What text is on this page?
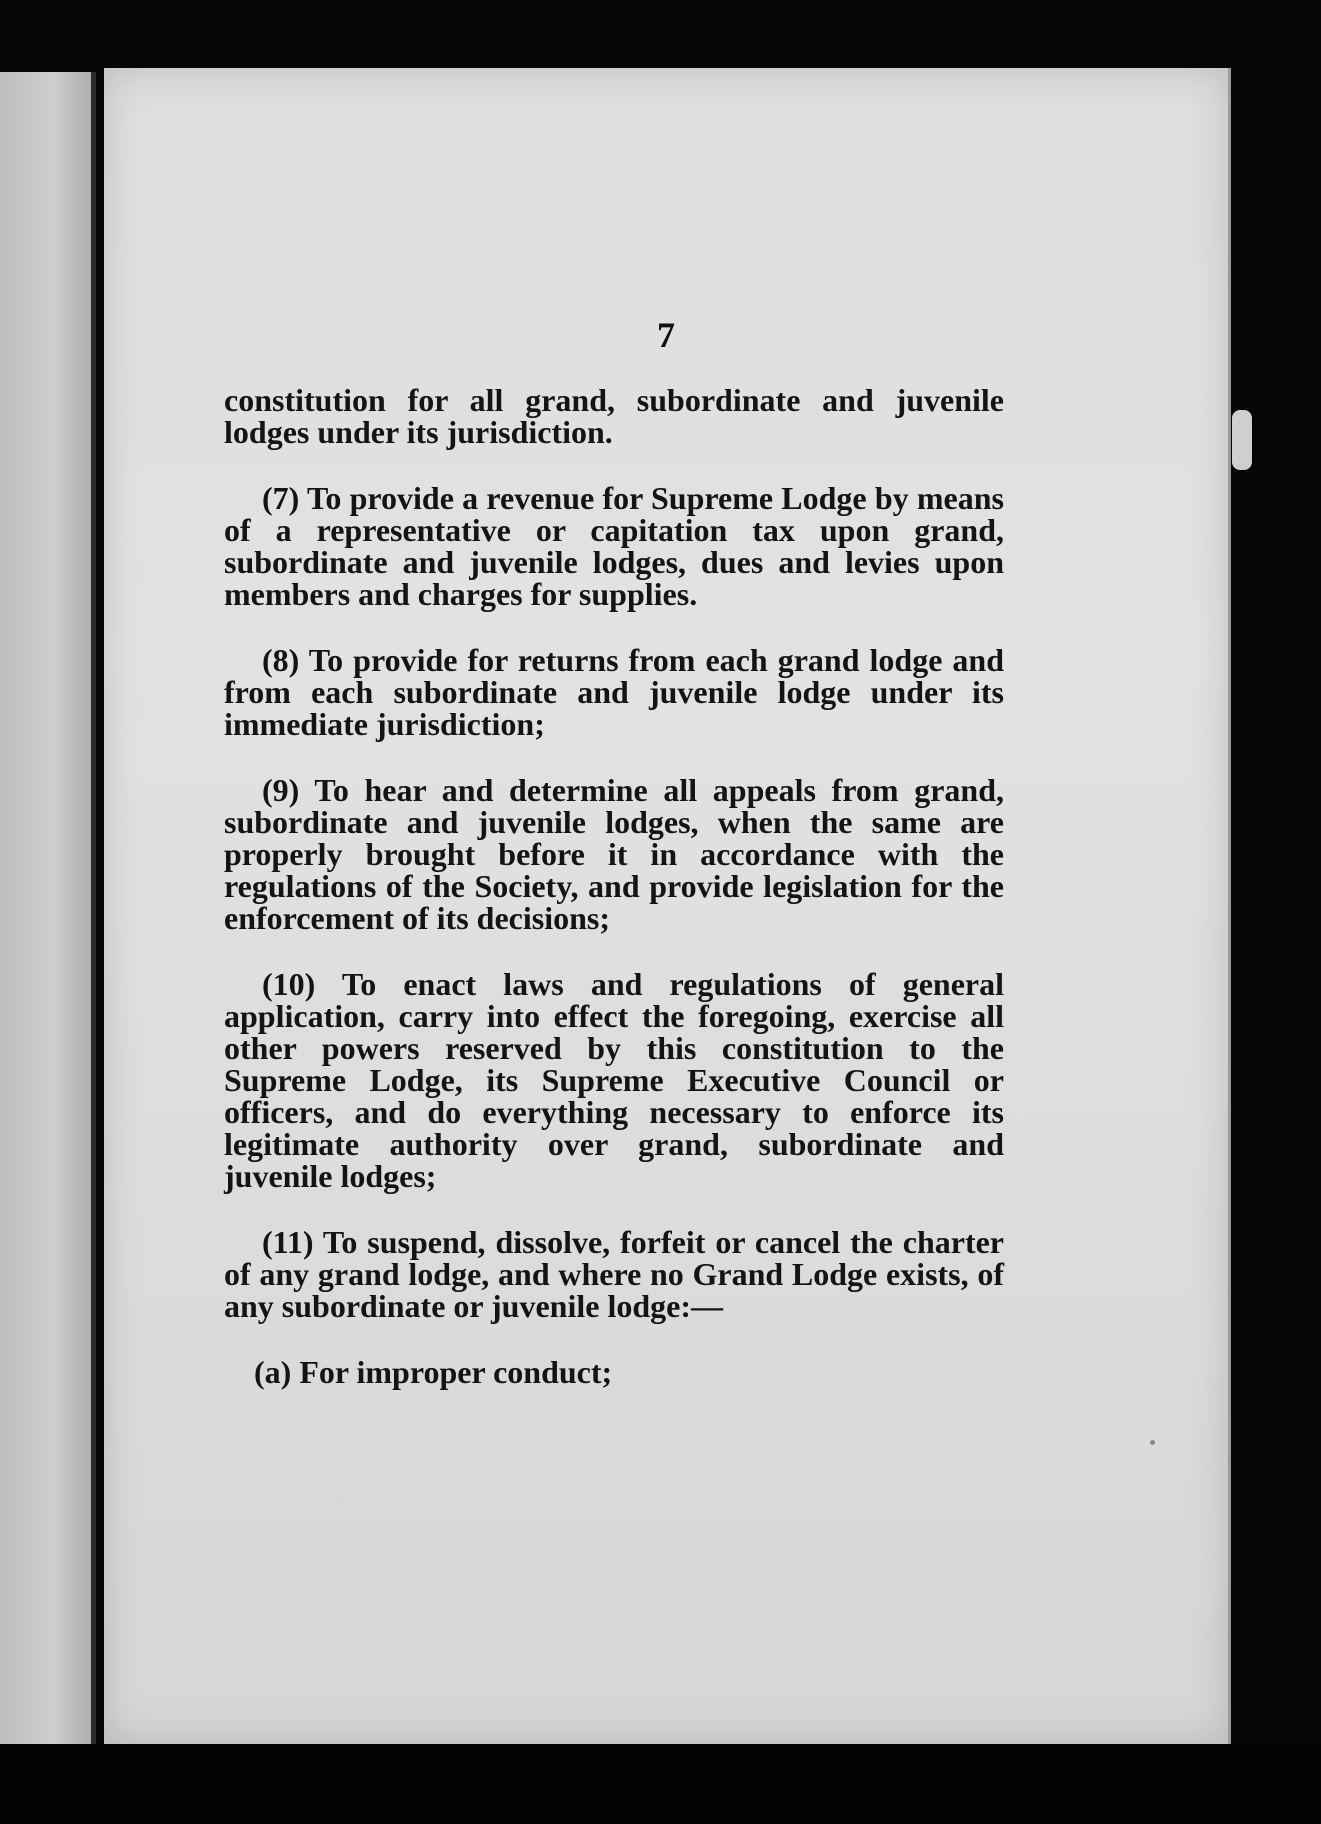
7

constitution for all grand, subordinate and juvenile lodges under its jurisdiction.

(7) To provide a revenue for Supreme Lodge by means of a representative or capitation tax upon grand, subordinate and juvenile lodges, dues and levies upon members and charges for supplies.

(8) To provide for returns from each grand lodge and from each subordinate and juvenile lodge under its immediate jurisdiction;

(9) To hear and determine all appeals from grand, subordinate and juvenile lodges, when the same are properly brought before it in accordance with the regulations of the Society, and provide legislation for the enforcement of its decisions;

(10) To enact laws and regulations of general application, carry into effect the foregoing, exercise all other powers reserved by this constitution to the Supreme Lodge, its Supreme Executive Council or officers, and do everything necessary to enforce its legitimate authority over grand, subordinate and juvenile lodges;

(11) To suspend, dissolve, forfeit or cancel the charter of any grand lodge, and where no Grand Lodge exists, of any subordinate or juvenile lodge:—

(a) For improper conduct;
